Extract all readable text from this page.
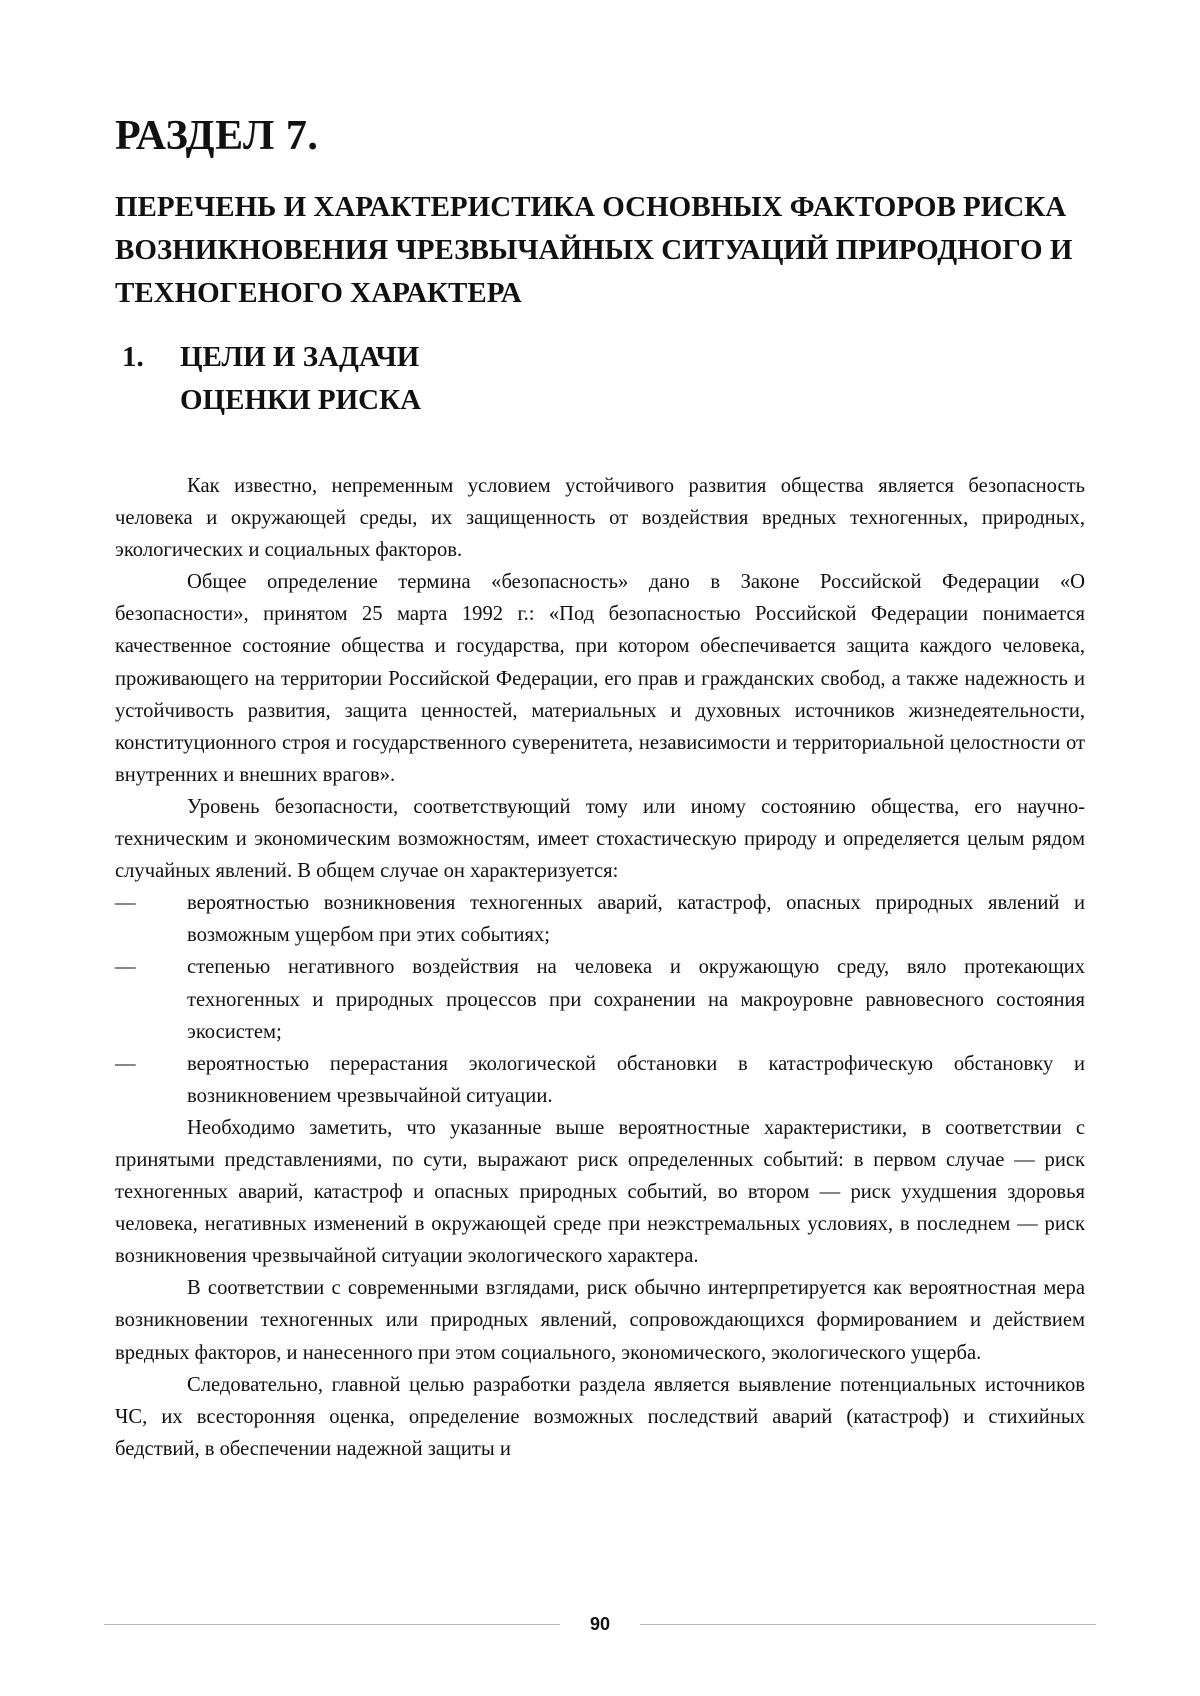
РАЗДЕЛ 7.
ПЕРЕЧЕНЬ И ХАРАКТЕРИСТИКА ОСНОВНЫХ ФАКТОРОВ РИСКА ВОЗНИКНОВЕНИЯ ЧРЕЗВЫЧАЙНЫХ СИТУАЦИЙ ПРИРОДНОГО И ТЕХНОГЕНОГО ХАРАКТЕРА
1.	ЦЕЛИ И ЗАДАЧИ
ОЦЕНКИ РИСКА

Как известно, непременным условием устойчивого развития общества является безопасность человека и окружающей среды, их защищенность от воздействия вредных техногенных, природных, экологических и социальных факторов.

Общее определение термина «безопасность» дано в Законе Российской Федерации «О безопасности», принятом 25 марта 1992 г.: «Под безопасностью Российской Федерации понимается качественное состояние общества и государства, при котором обеспечивается защита каждого человека, проживающего на территории Российской Федерации, его прав и гражданских свобод, а также надежность и устойчивость развития, защита ценностей, материальных и духовных источников жизнедеятельности, конституционного строя и государственного суверенитета, независимости и территориальной целостности от внутренних и внешних врагов».

Уровень безопасности, соответствующий тому или иному состоянию общества, его научно-техническим и экономическим возможностям, имеет стохастическую природу и определяется целым рядом случайных явлений. В общем случае он характеризуется:

— вероятностью возникновения техногенных аварий, катастроф, опасных природных явлений и возможным ущербом при этих событиях;
— степенью негативного воздействия на человека и окружающую среду, вяло протекающих техногенных и природных процессов при сохранении на макроуровне равновесного состояния экосистем;
— вероятностью перерастания экологической обстановки в катастрофическую обстановку и возникновением чрезвычайной ситуации.

Необходимо заметить, что указанные выше вероятностные характеристики, в соответствии с принятыми представлениями, по сути, выражают риск определенных событий: в первом случае — риск техногенных аварий, катастроф и опасных природных событий, во втором — риск ухудшения здоровья человека, негативных изменений в окружающей среде при неэкстремальных условиях, в последнем — риск возникновения чрезвычайной ситуации экологического характера.

В соответствии с современными взглядами, риск обычно интерпретируется как вероятностная мера возникновении техногенных или природных явлений, сопровождающихся формированием и действием вредных факторов, и нанесенного при этом социального, экономического, экологического ущерба.

Следовательно, главной целью разработки раздела является выявление потенциальных источников ЧС, их всесторонняя оценка, определение возможных последствий аварий (катастроф) и стихийных бедствий, в обеспечении надежной защиты и

90
